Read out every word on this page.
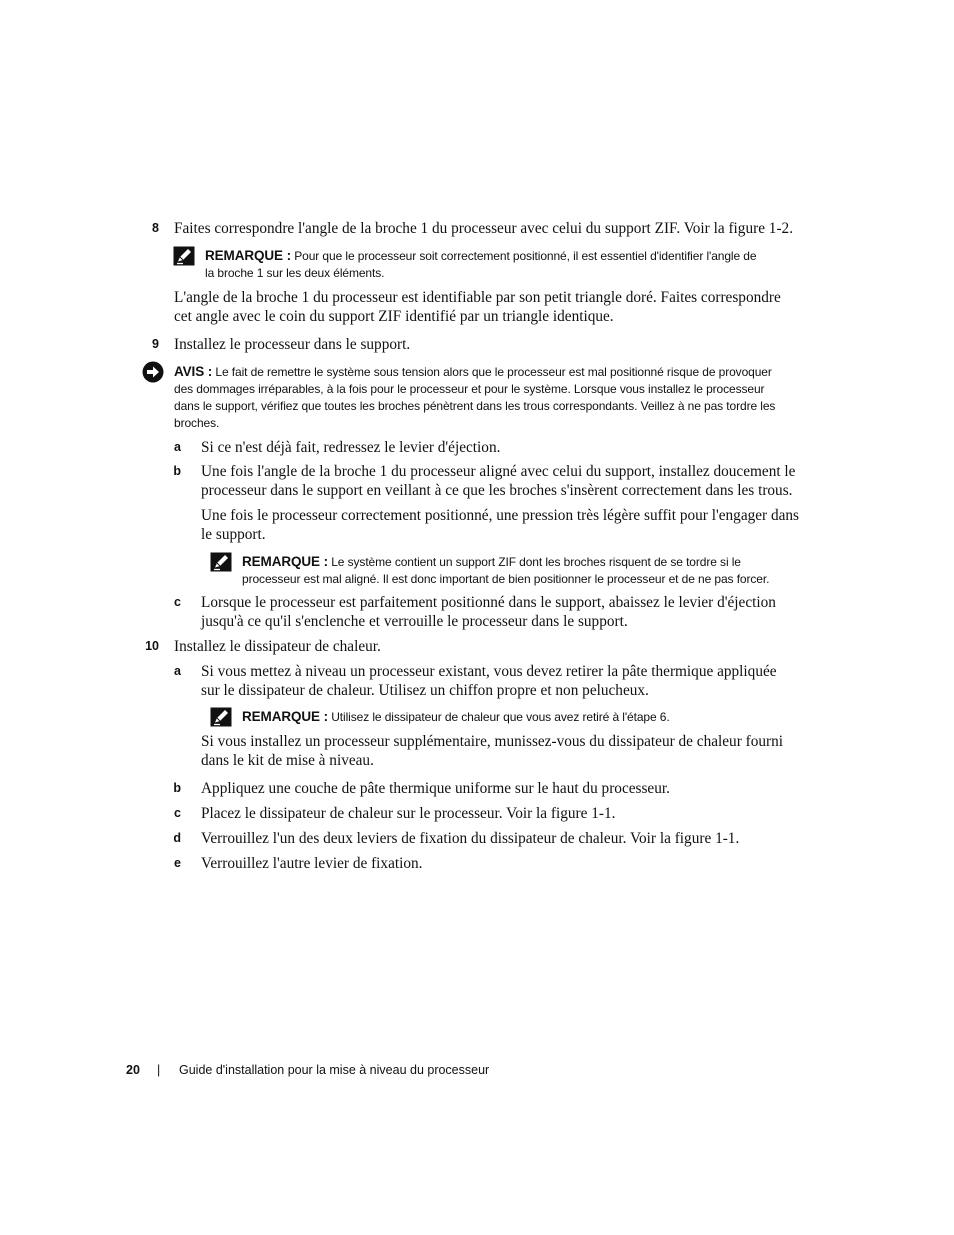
8 Faites correspondre l'angle de la broche 1 du processeur avec celui du support ZIF. Voir la figure 1-2.
REMARQUE : Pour que le processeur soit correctement positionné, il est essentiel d'identifier l'angle de
la broche 1 sur les deux éléments.
L'angle de la broche 1 du processeur est identifiable par son petit triangle doré. Faites correspondre
cet angle avec le coin du support ZIF identifié par un triangle identique.
9 Installez le processeur dans le support.
AVIS : Le fait de remettre le système sous tension alors que le processeur est mal positionné risque de provoquer
des dommages irréparables, à la fois pour le processeur et pour le système. Lorsque vous installez le processeur
dans le support, vérifiez que toutes les broches pénètrent dans les trous correspondants. Veillez à ne pas tordre les
broches.
a Si ce n'est déjà fait, redressez le levier d'éjection.
b Une fois l'angle de la broche 1 du processeur aligné avec celui du support, installez doucement le
processeur dans le support en veillant à ce que les broches s'insèrent correctement dans les trous.
Une fois le processeur correctement positionné, une pression très légère suffit pour l'engager dans
le support.
REMARQUE : Le système contient un support ZIF dont les broches risquent de se tordre si le
processeur est mal aligné. Il est donc important de bien positionner le processeur et de ne pas forcer.
c Lorsque le processeur est parfaitement positionné dans le support, abaissez le levier d'éjection
jusqu'à ce qu'il s'enclenche et verrouille le processeur dans le support.
10 Installez le dissipateur de chaleur.
a Si vous mettez à niveau un processeur existant, vous devez retirer la pâte thermique appliquée
sur le dissipateur de chaleur. Utilisez un chiffon propre et non pelucheux.
REMARQUE : Utilisez le dissipateur de chaleur que vous avez retiré à l'étape 6.
Si vous installez un processeur supplémentaire, munissez-vous du dissipateur de chaleur fourni
dans le kit de mise à niveau.
b Appliquez une couche de pâte thermique uniforme sur le haut du processeur.
c Placez le dissipateur de chaleur sur le processeur. Voir la figure 1-1.
d Verrouillez l'un des deux leviers de fixation du dissipateur de chaleur. Voir la figure 1-1.
e Verrouillez l'autre levier de fixation.
20 | Guide d'installation pour la mise à niveau du processeur
